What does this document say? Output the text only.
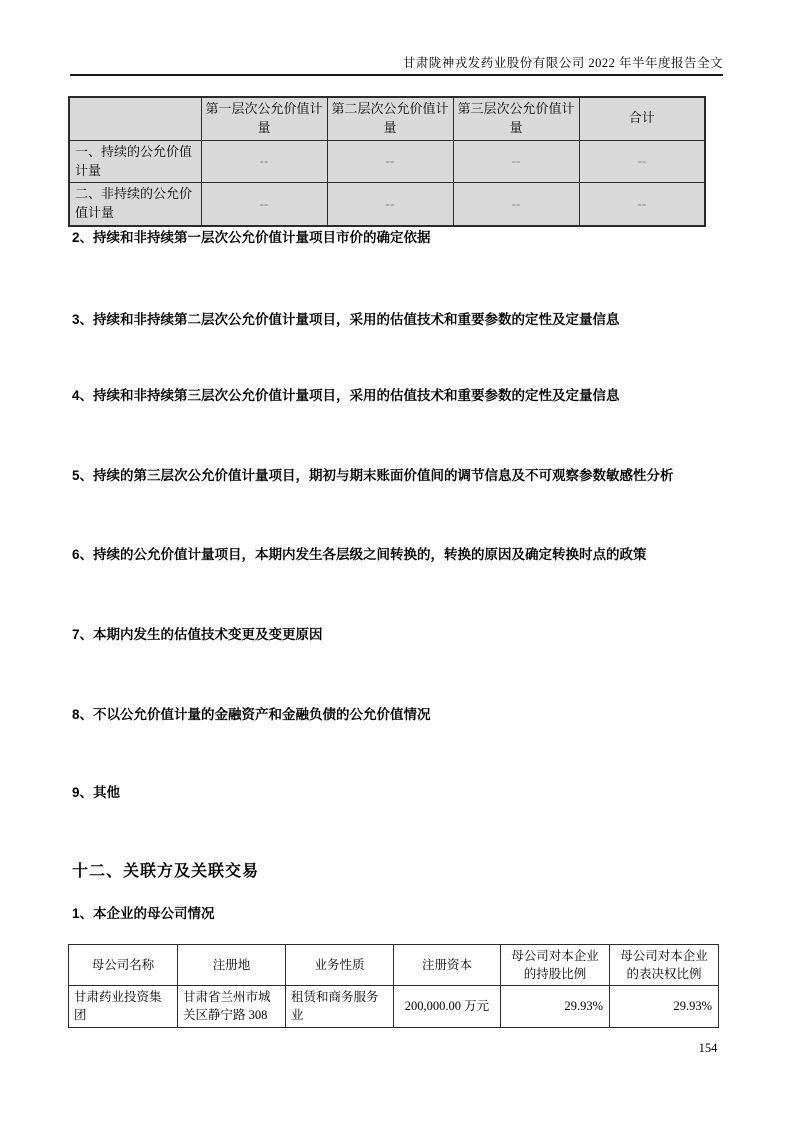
甘肃陇神戎发药业股份有限公司 2022 年半年度报告全文
	第一层次公允价值计量	第二层次公允价值计量	第三层次公允价值计量	合计
一、持续的公允价值计量	--	--	--	--
二、非持续的公允价值计量	--	--	--	--
2、持续和非持续第一层次公允价值计量项目市价的确定依据
3、持续和非持续第二层次公允价值计量项目，采用的估值技术和重要参数的定性及定量信息
4、持续和非持续第三层次公允价值计量项目，采用的估值技术和重要参数的定性及定量信息
5、持续的第三层次公允价值计量项目，期初与期末账面价值间的调节信息及不可观察参数敏感性分析
6、持续的公允价值计量项目，本期内发生各层级之间转换的，转换的原因及确定转换时点的政策
7、本期内发生的估值技术变更及变更原因
8、不以公允价值计量的金融资产和金融负债的公允价值情况
9、其他
十二、关联方及关联交易
1、本企业的母公司情况
母公司名称	注册地	业务性质	注册资本	母公司对本企业的持股比例	母公司对本企业的表决权比例
甘肃药业投资集团	甘肃省兰州市城关区静宁路 308	租赁和商务服务业	200,000.00 万元	29.93%	29.93%
154
